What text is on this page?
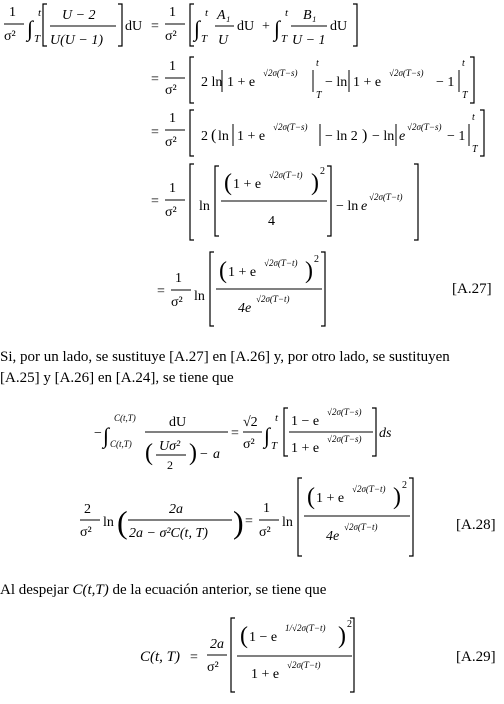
1
σ² ∫
t
T
U − 2
U(U − 1)
dU =
1
σ² ∫
t
T
A₁
U
dU + ∫
t
T
B₁
U − 1
dU
=
1
σ²
2 ln 1 + e
√2σ(T−s)
t
T
− ln 1 + e
√2σ(T−s)
− 1
t
T
=
1
σ² 2 ( ln 1 + e
√2σ(T−s)
− ln 2 ) − ln e
√2σ(T−s)
− 1
t
T
=
1
σ² ln
( 1 + e
√2σ(T−t) ) 2
4
− ln e
√2σ(T−t)
=
1
σ² ln
( 1 + e
√2σ(T−t) ) 2
4e
√2σ(T−t)
[A.27]
− ∫
C(t,T)
C(t,T)
dU
( Uσ²
2 ) − a
=
√2
σ² ∫
t
T
1 − e
√2σ(T−s)
1 + e
√2σ(T−s) ds
2
σ²
ln (	2a
2a − σ²C(t, T) ) =
1
σ²
ln
( 1 + e
√2σ(T−t) ) 2
4e
√2σ(T−t)	[A.28]
C(t, T) =
2a
σ²
( 1 − e
1/√2σ(T−t) ) 2
1 + e
√2σ(T−t)	[A.29]
Si, por un lado, se sustituye [A.27] en [A.26] y, por otro lado, se sustituyen
[A.25] y [A.26] en [A.24], se tiene que
Al despejar C(t,T) de la ecuación anterior, se tiene que
